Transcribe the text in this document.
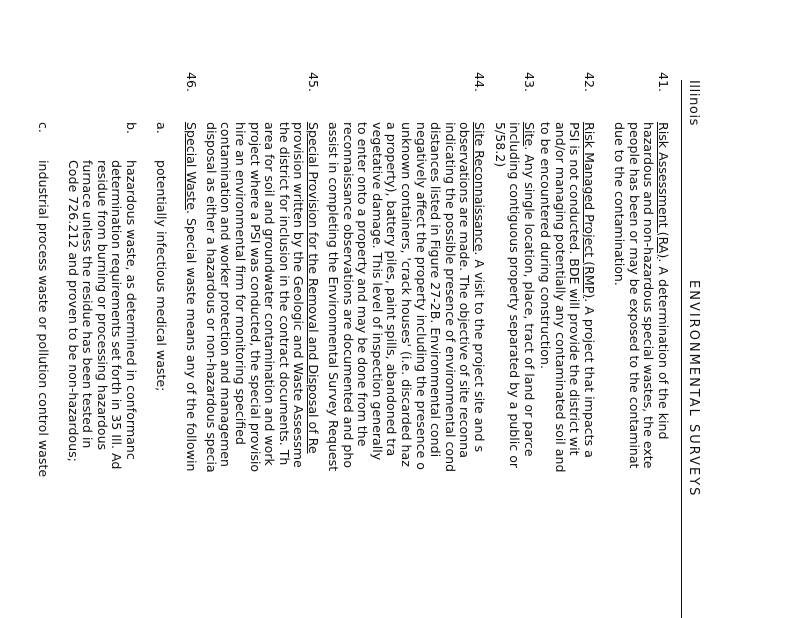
Illinois
ENVIRONMENTAL SURVEYS
41.
Risk Assessment (RA). A determination of the kind
hazardous and non-hazardous special wastes, the exte
people has been or may be exposed to the contaminat
due to the contamination.
42.
Risk Managed Project (RMP). A project that impacts a
PSI is not conducted. BDE will provide the district wit
and/or managing potentially any contaminated soil and
to be encountered during construction.
43.
Site. Any single location, place, tract of land or parce
including contiguous property separated by a public or
5/58.2)
44.
Site Reconnaissance. A visit to the project site and s
observations are made. The objective of site reconna
indicating the possible presence of environmental cond
distances listed in Figure 27-2B. Environmental condi
negatively affect the property including the presence o
unknown containers, 'crack houses' (i.e. discarded haz
a property), battery piles, paint spills, abandoned tra
vegetative damage. This level of inspection generally
to enter onto a property and may be done from the
reconnaissance observations are documented and pho
assist in completing the Environmental Survey Request
45.
Special Provision for the Removal and Disposal of Re
provision written by the Geologic and Waste Assessme
the district for inclusion in the contract documents. Th
area for soil and groundwater contamination and work
project where a PSI was conducted, the special provisio
hire an environmental firm for monitoring specified
contamination and worker protection and managemen
disposal as either a hazardous or non-hazardous specia
46.
Special Waste. Special waste means any of the followin
a.
potentially infectious medical waste;
b.
hazardous waste, as determined in conformanc
determination requirements set forth in 35 Ill. Ad
residue from burning or processing hazardous
furnace unless the residue has been tested in
Code 726.212 and proven to be non-hazardous;
c.
industrial process waste or pollution control waste
